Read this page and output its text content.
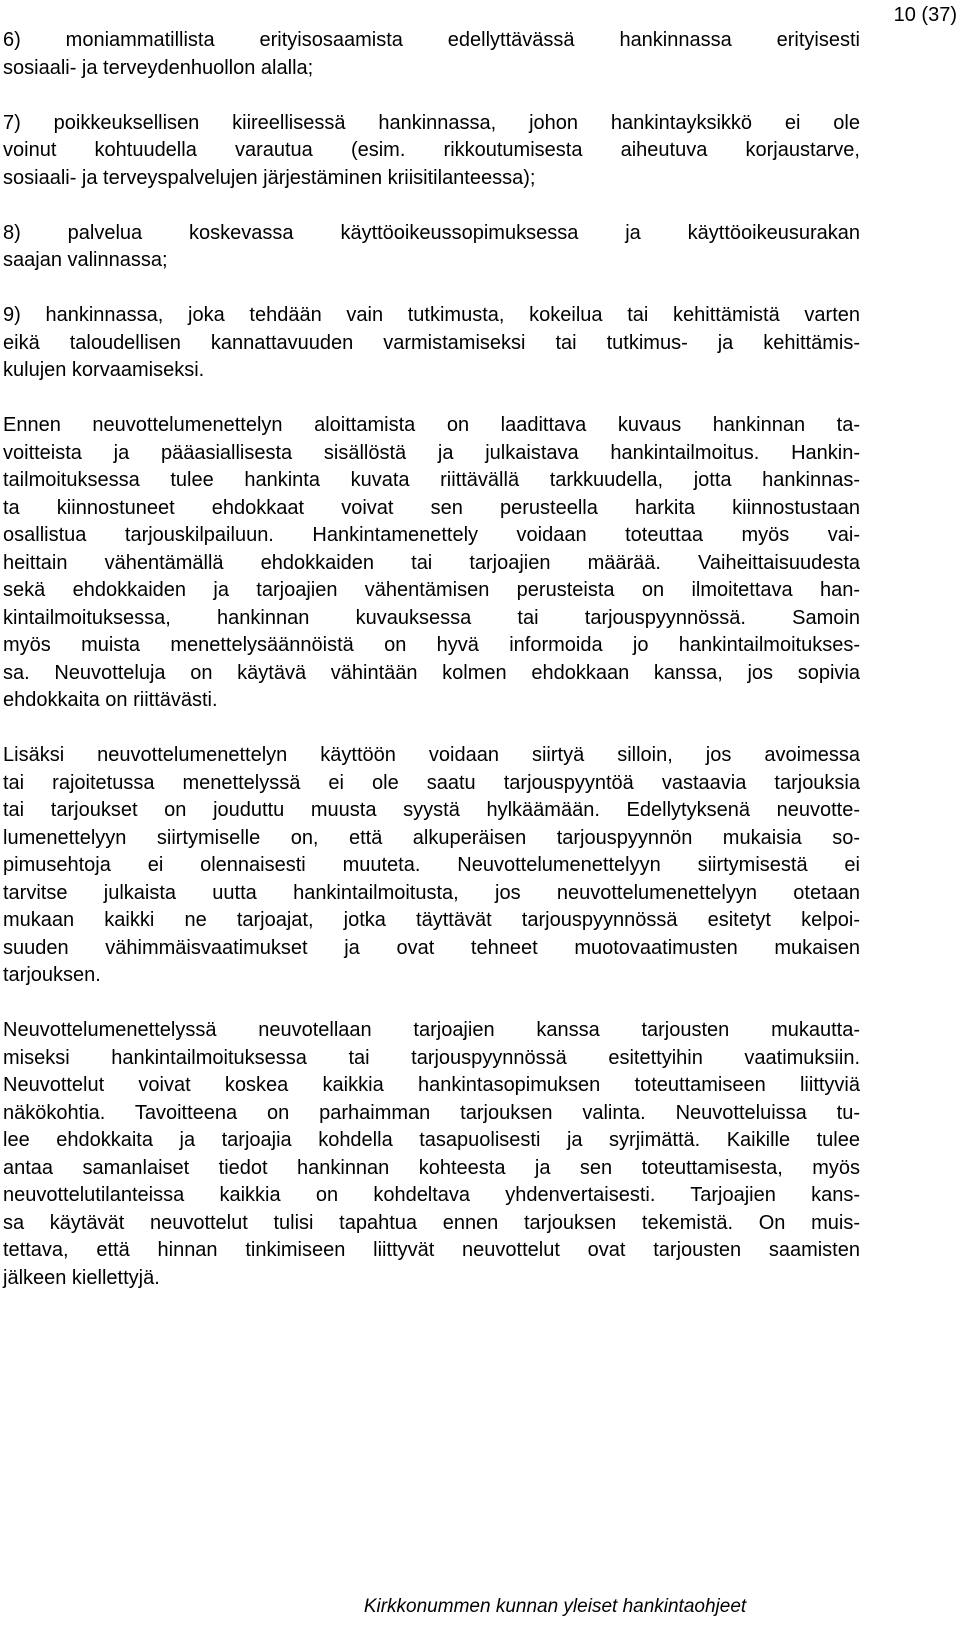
10 (37)

6) moniammatillista erityisosaamista edellyttävässä hankinnassa erityisesti
sosiaali- ja terveydenhuollon alalla;

7) poikkeuksellisen kiireellisessä hankinnassa, johon hankintayksikkö ei ole
voinut kohtuudella varautua (esim. rikkoutumisesta aiheutuva korjaustarve,
sosiaali- ja terveyspalvelujen järjestäminen kriisitilanteessa);

8) palvelua koskevassa käyttöoikeussopimuksessa ja käyttöoikeusurakan
saajan valinnassa;

9) hankinnassa, joka tehdään vain tutkimusta, kokeilua tai kehittämistä varten
eikä taloudellisen kannattavuuden varmistamiseksi tai tutkimus- ja kehittämis-
kulujen korvaamiseksi.

Ennen neuvottelumenettelyn aloittamista on laadittava kuvaus hankinnan ta-
voitteista ja pääasiallisesta sisällöstä ja julkaistava hankintailmoitus. Hankin-
tailmoituksessa tulee hankinta kuvata riittävällä tarkkuudella, jotta hankinnas-
ta kiinnostuneet ehdokkaat voivat sen perusteella harkita kiinnostustaan
osallistua tarjouskilpailuun. Hankintamenettely voidaan toteuttaa myös vai-
heittain vähentämällä ehdokkaiden tai tarjoajien määrää. Vaiheittaisuudesta
sekä ehdokkaiden ja tarjoajien vähentämisen perusteista on ilmoitettava han-
kintailmoituksessa, hankinnan kuvauksessa tai tarjouspyynnössä. Samoin
myös muista menettelysäännöistä on hyvä informoida jo hankintailmoitukses-
sa. Neuvotteluja on käytävä vähintään kolmen ehdokkaan kanssa, jos sopivia
ehdokkaita on riittävästi.

Lisäksi neuvottelumenettelyn käyttöön voidaan siirtyä silloin, jos avoimessa
tai rajoitetussa menettelyssä ei ole saatu tarjouspyyntöä vastaavia tarjouksia
tai tarjoukset on jouduttu muusta syystä hylkäämään. Edellytyksenä neuvotte-
lumenettelyyn siirtymiselle on, että alkuperäisen tarjouspyynnön mukaisia so-
pimusehtoja ei olennaisesti muuteta. Neuvottelumenettelyyn siirtymisestä ei
tarvitse julkaista uutta hankintailmoitusta, jos neuvottelumenettelyyn otetaan
mukaan kaikki ne tarjoajat, jotka täyttävät tarjouspyynnössä esitetyt kelpoi-
suuden vähimmäisvaatimukset ja ovat tehneet muotovaatimusten mukaisen
tarjouksen.

Neuvottelumenettelyssä neuvotellaan tarjoajien kanssa tarjousten mukautta-
miseksi hankintailmoituksessa tai tarjouspyynnössä esitettyihin vaatimuksiin.
Neuvottelut voivat koskea kaikkia hankintasopimuksen toteuttamiseen liittyviä
näkökohtia. Tavoitteena on parhaimman tarjouksen valinta. Neuvotteluissa tu-
lee ehdokkaita ja tarjoajia kohdella tasapuolisesti ja syrjimättä. Kaikille tulee
antaa samanlaiset tiedot hankinnan kohteesta ja sen toteuttamisesta, myös
neuvottelutilanteissa kaikkia on kohdeltava yhdenvertaisesti. Tarjoajien kans-
sa käytävät neuvottelut tulisi tapahtua ennen tarjouksen tekemistä. On muis-
tettava, että hinnan tinkimiseen liittyvät neuvottelut ovat tarjousten saamisten
jälkeen kiellettyjä.

Kirkkonummen kunnan yleiset hankintaohjeet
